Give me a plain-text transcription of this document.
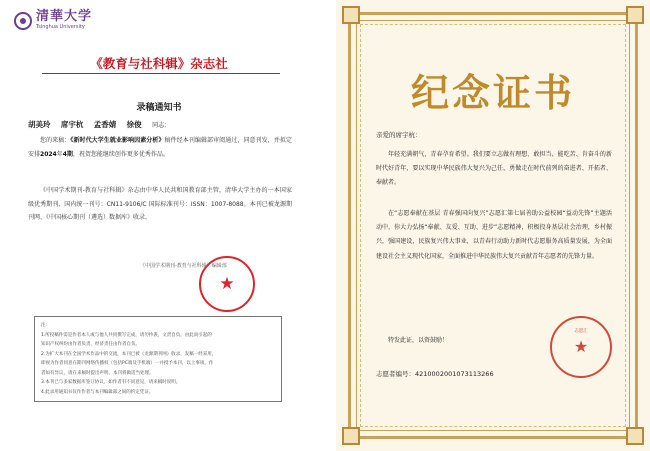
清華大学
Tsinghua University
《教育与社科辑》杂志社
录稿通知书
胡美玲 席宇杭 孟香婧 徐俊 同志：
您的来稿：《新时代大学生就业影响因素分析》稿件经本刊编辑部审阅通过，同意刊发，并拟定安排2024年4期，祝贺您能继续创作更多优秀作品。
《中国学术期刊-教育与社科辑》杂志由中华人民共和国教育部主管，清华大学主办的一本国家级优秀期刊，国内统一刊号：CN11-9106/C 国际标准刊号：ISSN：1007-8088。本刊已被龙源期刊网、《中国核心期刊（遴选）数据库》收录。
《中国学术期刊-教育与社科辑》编辑部
★
注：
1.所投稿件需是作者本人或与他人共同撰写完成，请勿抄袭，文责自负，由此而引起的
知识产权纠纷由作者负责，经济责任由作者自负。
2.为扩大本刊在全国学术作品中的交流，本刊已被《龙源期刊网》收录，发稿一经采用，
即视为作者同意在期刊网络传播权（包括PC端及手机端）一并授予本刊，以上事项，作
者如有异议，请在来稿时提出声明，本刊将做适当处理。
3.本刊已与多家数据库签订协议，如作者有不同意见，请来稿时说明。
4.此录用通知书仅作作者与本刊编辑部之间的约定凭证。
纪念证书
亲爱的席宇杭：
年轻充满朝气，青春孕育希望。我们要立志做有理想、敢担当、能吃苦、肯奋斗的新时代好青年，要以实现中华民族伟大复兴为己任，勇做走在时代前列的奋进者、开拓者、奉献者。
在“志愿奉献在基层 青春强国向复兴”志愿汇第七届善助公益校园“益动先锋”主题活动中，你大力弘扬“奉献、友爱、互助、进步”志愿精神，积极投身基层社会治理，乡村振兴，强国建设，民族复兴伟大事业，以青春行动助力新时代志愿服务高质量发展，为全面建设社会主义现代化国家，全面推进中华民族伟大复兴贡献青年志愿者的先锋力量。
特发此证，以资鼓励！
志愿者编号：4210002001073113266
志愿汇
★
